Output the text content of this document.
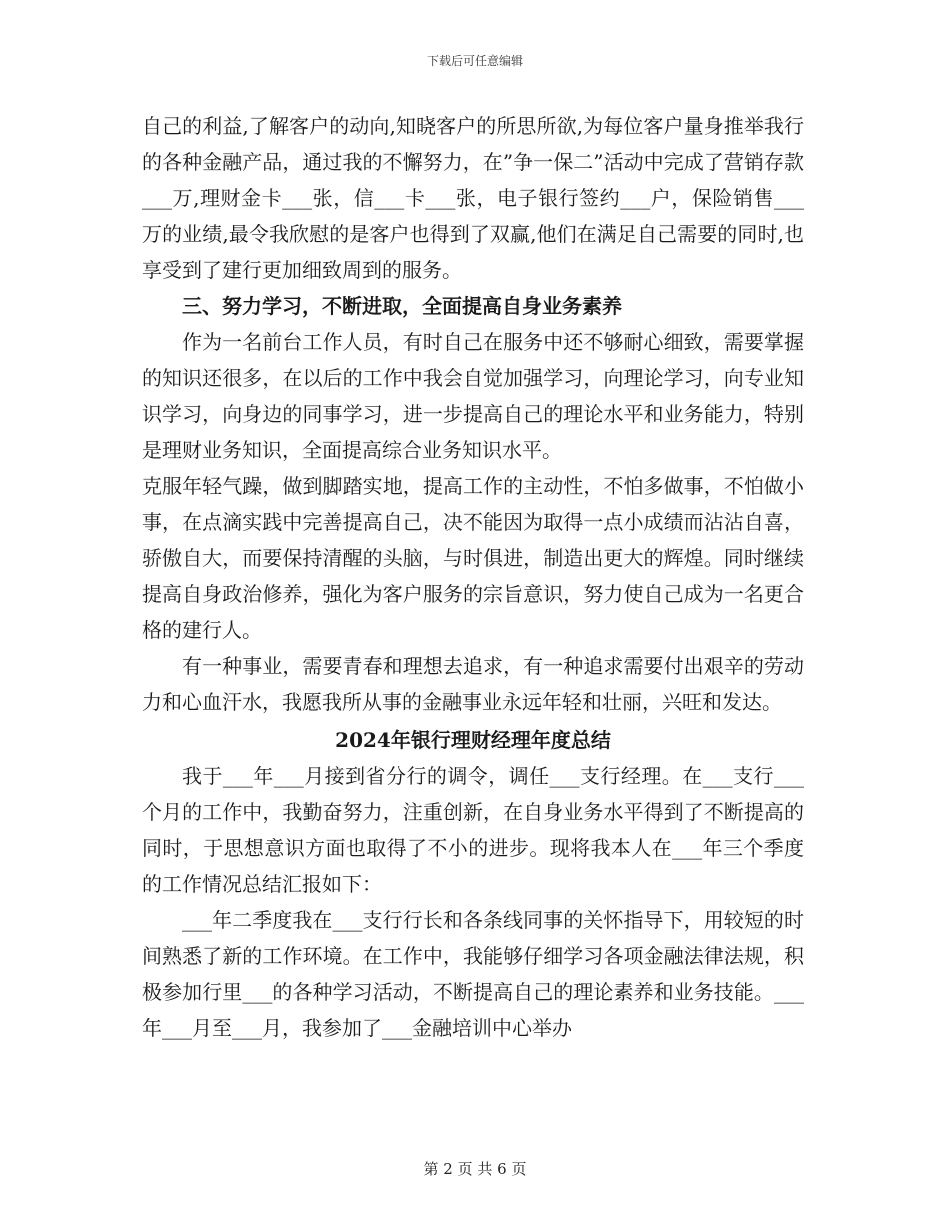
下载后可任意编辑

自己的利益,了解客户的动向,知晓客户的所思所欲,为每位客户量身推举我行的各种金融产品，通过我的不懈努力，在”争一保二”活动中完成了营销存款___万,理财金卡___张，信___卡___张，电子银行签约___户，保险销售___万的业绩,最令我欣慰的是客户也得到了双赢,他们在满足自己需要的同时,也享受到了建行更加细致周到的服务。

三、努力学习，不断进取，全面提高自身业务素养

作为一名前台工作人员，有时自己在服务中还不够耐心细致，需要掌握的知识还很多，在以后的工作中我会自觉加强学习，向理论学习，向专业知识学习，向身边的同事学习，进一步提高自己的理论水平和业务能力，特别是理财业务知识，全面提高综合业务知识水平。

克服年轻气躁，做到脚踏实地，提高工作的主动性，不怕多做事，不怕做小事，在点滴实践中完善提高自己，决不能因为取得一点小成绩而沾沾自喜，骄傲自大，而要保持清醒的头脑，与时俱进，制造出更大的辉煌。同时继续提高自身政治修养，强化为客户服务的宗旨意识，努力使自己成为一名更合格的建行人。

有一种事业，需要青春和理想去追求，有一种追求需要付出艰辛的劳动力和心血汗水，我愿我所从事的金融事业永远年轻和壮丽，兴旺和发达。

2024年银行理财经理年度总结

我于___年___月接到省分行的调令，调任___支行经理。在___支行___个月的工作中，我勤奋努力，注重创新，在自身业务水平得到了不断提高的同时，于思想意识方面也取得了不小的进步。现将我本人在___年三个季度的工作情况总结汇报如下：

___年二季度我在___支行行长和各条线同事的关怀指导下，用较短的时间熟悉了新的工作环境。在工作中，我能够仔细学习各项金融法律法规，积极参加行里___的各种学习活动，不断提高自己的理论素养和业务技能。___年___月至___月，我参加了___金融培训中心举办

第 2 页 共 6 页
